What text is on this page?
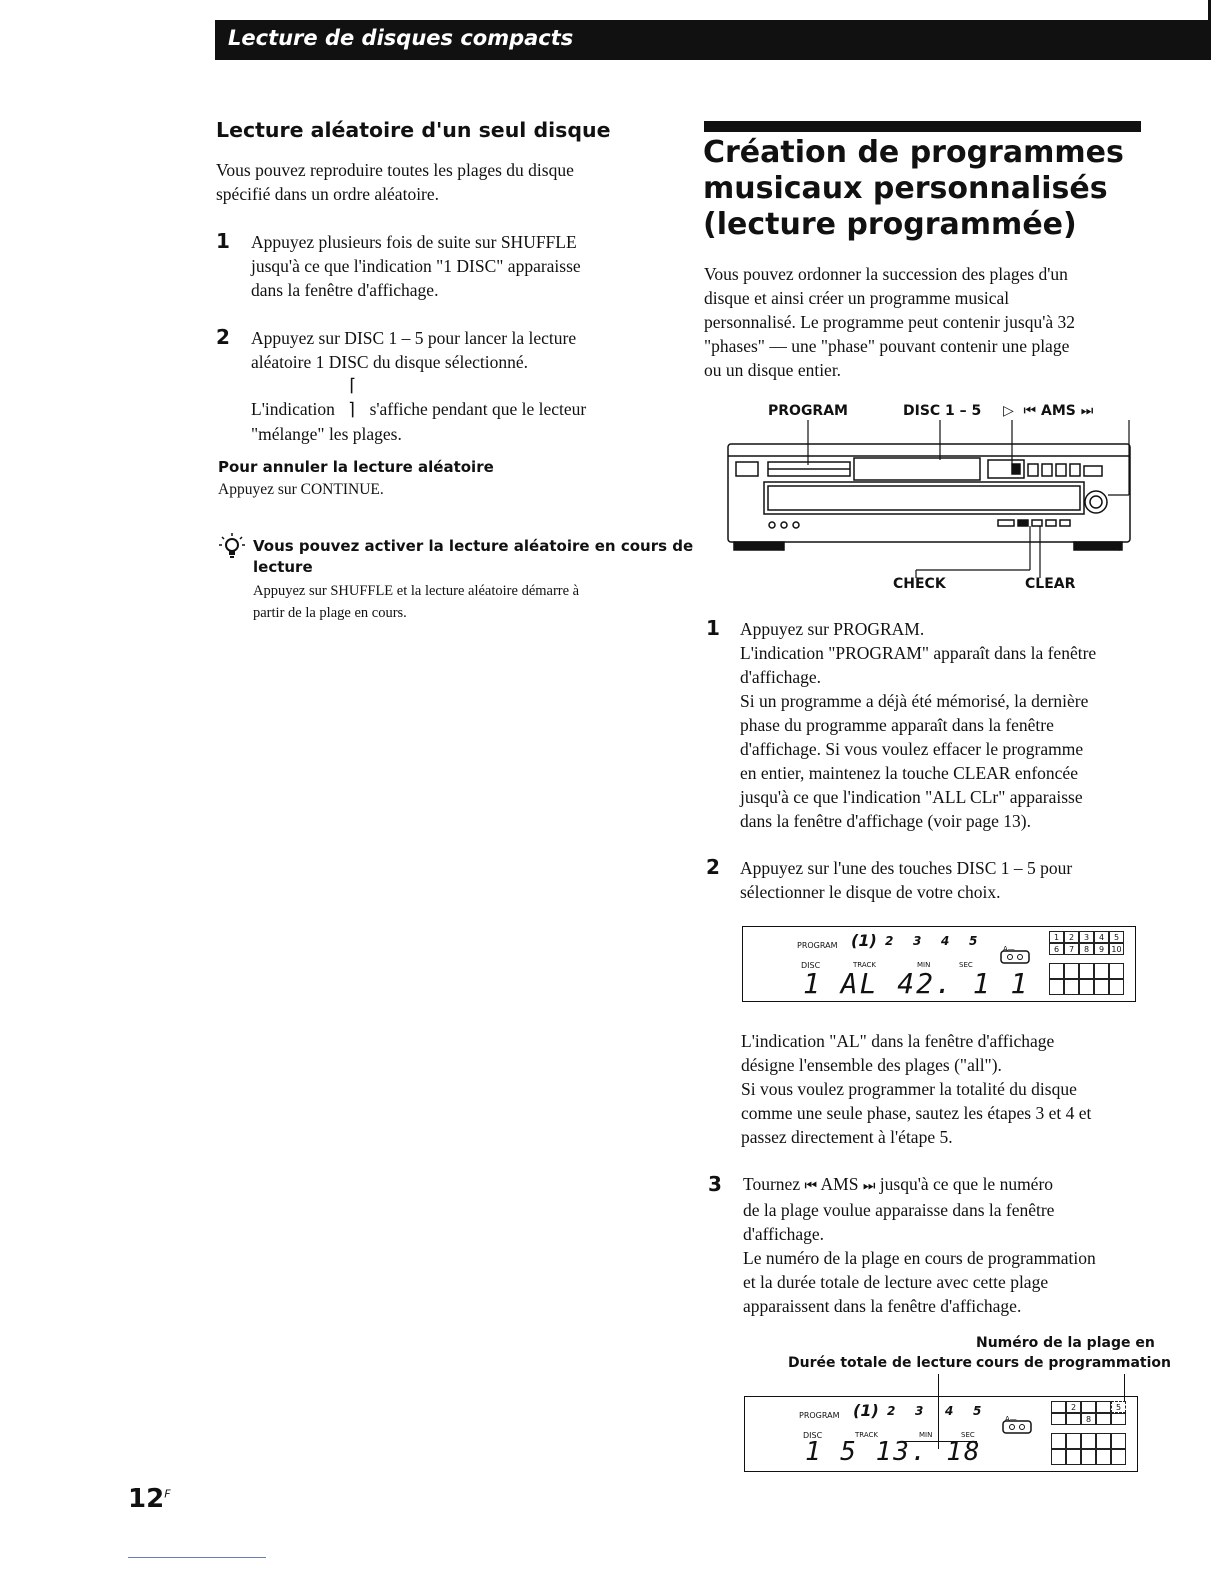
Lecture de disques compacts
Lecture aléatoire d'un seul disque
Vous pouvez reproduire toutes les plages du disque
spécifié dans un ordre aléatoire.
1 Appuyez plusieurs fois de suite sur SHUFFLE
jusqu'à ce que l'indication "1 DISC" apparaisse
dans la fenêtre d'affichage.
2 Appuyez sur DISC 1 – 5 pour lancer la lecture
aléatoire 1 DISC du disque sélectionné.
L'indication ⌈ ⌉ s'affiche pendant que le lecteur
"mélange" les plages.
Pour annuler la lecture aléatoire
Appuyez sur CONTINUE.
Vous pouvez activer la lecture aléatoire en cours de
lecture
Appuyez sur SHUFFLE et la lecture aléatoire démarre à
partir de la plage en cours.
Création de programmes
musicaux personnalisés
(lecture programmée)
Vous pouvez ordonner la succession des plages d'un
disque et ainsi créer un programme musical
personnalisé. Le programme peut contenir jusqu'à 32
"phases" — une "phase" pouvant contenir une plage
ou un disque entier.
PROGRAM	DISC 1 – 5 ▷ ⏮ AMS ⏭
CHECK	CLEAR
1 Appuyez sur PROGRAM.
L'indication "PROGRAM" apparaît dans la fenêtre
d'affichage.
Si un programme a déjà été mémorisé, la dernière
phase du programme apparaît dans la fenêtre
d'affichage. Si vous voulez effacer le programme
en entier, maintenez la touche CLEAR enfoncée
jusqu'à ce que l'indication "ALL CLr" apparaisse
dans la fenêtre d'affichage (voir page 13).
2 Appuyez sur l'une des touches DISC 1 – 5 pour
sélectionner le disque de votre choix.
PROGRAM (1) 2 3 4 5
DISC	TRACK	MIN	SEC
1 AL 42. 1 1
A—
1	2	3	4	5
6	7	8	9 10
L'indication "AL" dans la fenêtre d'affichage
désigne l'ensemble des plages ("all").
Si vous voulez programmer la totalité du disque
comme une seule phase, sautez les étapes 3 et 4 et
passez directement à l'étape 5.
3 Tournez ⏮ AMS ⏭ jusqu'à ce que le numéro
de la plage voulue apparaisse dans la fenêtre
d'affichage.
Le numéro de la plage en cours de programmation
et la durée totale de lecture avec cette plage
apparaissent dans la fenêtre d'affichage.
Numéro de la plage en
Durée totale de lecture cours de programmation
PROGRAM (1) 2 3 4 5
DISC	TRACK	MIN	SEC
1 5 13. 18
A—
2	5
8
$12^F$
